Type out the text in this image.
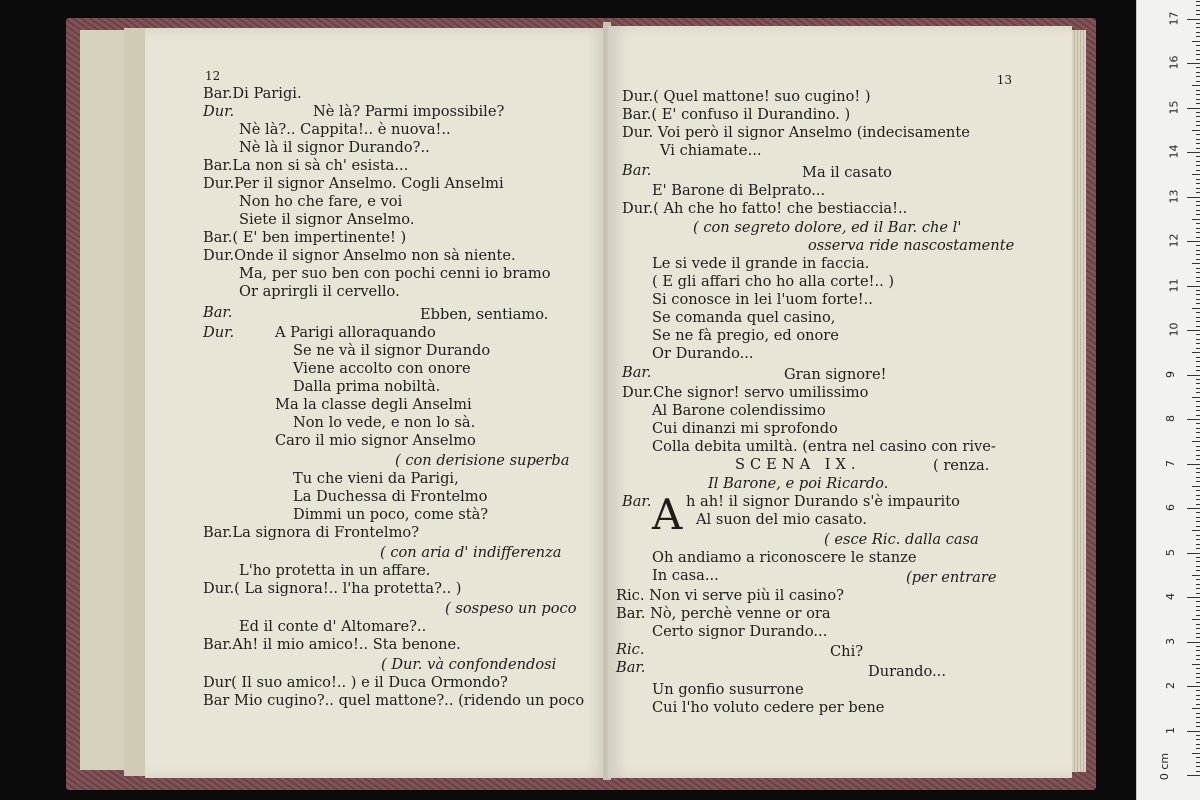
12
Bar.Di Parigi.
Dur.	Nè là? Parmi impossibile?
Nè là?.. Cappita!.. è nuova!..
Nè là il signor Durando?..
Bar.La non si sà ch' esista...
Dur.Per il signor Anselmo. Cogli Anselmi
Non ho che fare, e voi
Siete il signor Anselmo.
Bar.( E' ben impertinente! )
Dur.Onde il signor Anselmo non sà niente.
Ma, per suo ben con pochi cenni io bramo
Or aprirgli il cervello.
Bar.	Ebben, sentiamo.
Dur.	A Parigi alloraquando
Se ne và il signor Durando
Viene accolto con onore
Dalla prima nobiltà.
Ma la classe degli Anselmi
Non lo vede, e non lo sà.
Caro il mio signor Anselmo
( con derisione superba
Tu che vieni da Parigi,
La Duchessa di Frontelmo
Dimmi un poco, come stà?
Bar.La signora di Frontelmo?
( con aria d' indifferenza
L'ho protetta in un affare.
Dur.( La signora!.. l'ha protetta?.. )
( sospeso un poco
Ed il conte d' Altomare?..
Bar.Ah! il mio amico!.. Sta benone.
( Dur. và confondendosi
Dur( Il suo amico!.. ) e il Duca Ormondo?
Bar Mio cugino?.. quel mattone?.. (ridendo un poco
13
A
Dur.( Quel mattone! suo cugino! )
Bar.( E' confuso il Durandino. )
Dur. Voi però il signor Anselmo (indecisamente
Vi chiamate...
Bar.	Ma il casato
E' Barone di Belprato...
Dur.( Ah che ho fatto! che bestiaccia!..
( con segreto dolore, ed il Bar. che l'
osserva ride nascostamente
Le si vede il grande in faccia.
( E gli affari cho ho alla corte!.. )
Si conosce in lei l'uom forte!..
Se comanda quel casino,
Se ne fà pregio, ed onore
Or Durando...
Bar.	Gran signore!
Dur.Che signor! servo umilissimo
Al Barone colendissimo
Cui dinanzi mi sprofondo
Colla debita umiltà. (entra nel casino con rive-
SCENA IX.	( renza.
Il Barone, e poi Ricardo.
Bar. h ah! il signor Durando s'è impaurito
Al suon del mio casato.
( esce Ric. dalla casa
Oh andiamo a riconoscere le stanze
In casa...	(per entrare
Ric. Non vi serve più il casino?
Bar. Nò, perchè venne or ora
Certo signor Durando...
Ric.	Chi?
Bar.	Durando...
Un gonfio susurrone
Cui l'ho voluto cedere per bene
0 cm
1
2
3
4
5
6
7
8
9
10
11
12
13
14
15
16
17
